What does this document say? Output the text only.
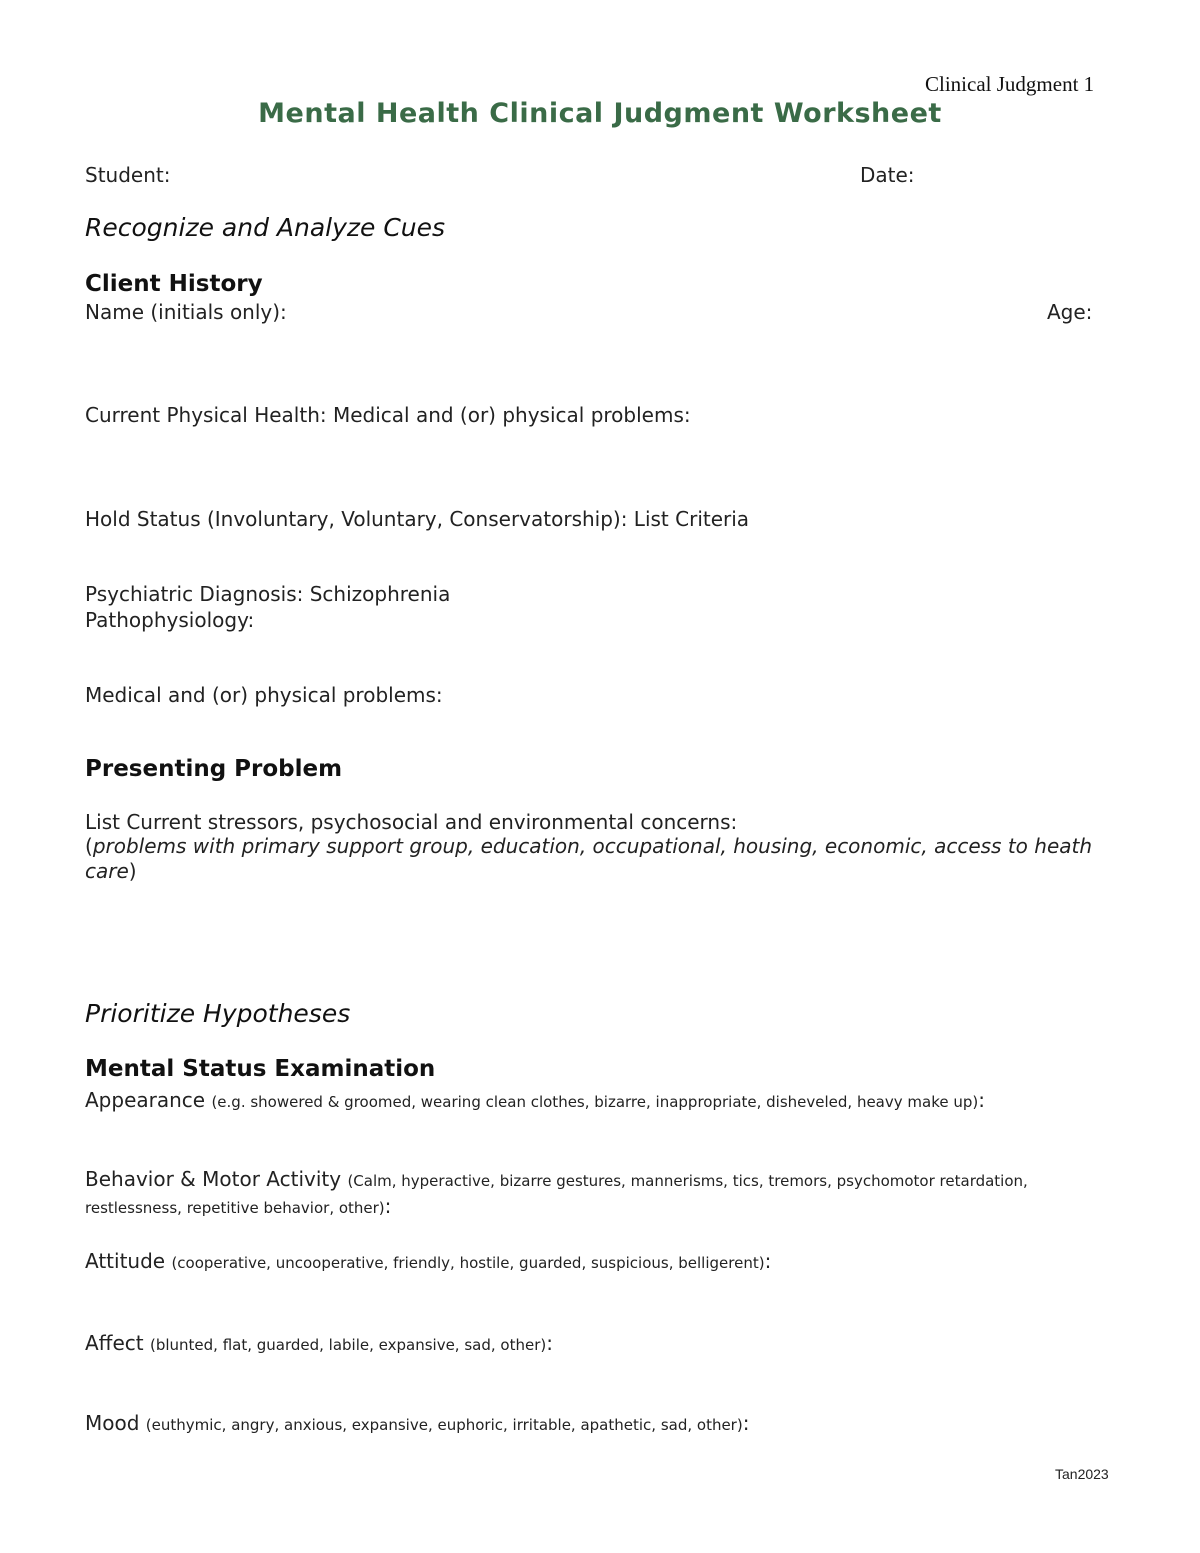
Clinical Judgment 1
Mental Health Clinical Judgment Worksheet
Student:	Date:
Recognize and Analyze Cues
Client History
Name (initials only):	Age:
Current Physical Health: Medical and (or) physical problems:
Hold Status (Involuntary, Voluntary, Conservatorship): List Criteria
Psychiatric Diagnosis: Schizophrenia
Pathophysiology:
Medical and (or) physical problems:
Presenting Problem
List Current stressors, psychosocial and environmental concerns:
(problems with primary support group, education, occupational, housing, economic, access to heath care)
Prioritize Hypotheses
Mental Status Examination
Appearance (e.g. showered & groomed, wearing clean clothes, bizarre, inappropriate, disheveled, heavy make up):
Behavior & Motor Activity (Calm, hyperactive, bizarre gestures, mannerisms, tics, tremors, psychomotor retardation,
restlessness, repetitive behavior, other):
Attitude (cooperative, uncooperative, friendly, hostile, guarded, suspicious, belligerent):
Affect (blunted, flat, guarded, labile, expansive, sad, other):
Mood (euthymic, angry, anxious, expansive, euphoric, irritable, apathetic, sad, other):
Tan2023
